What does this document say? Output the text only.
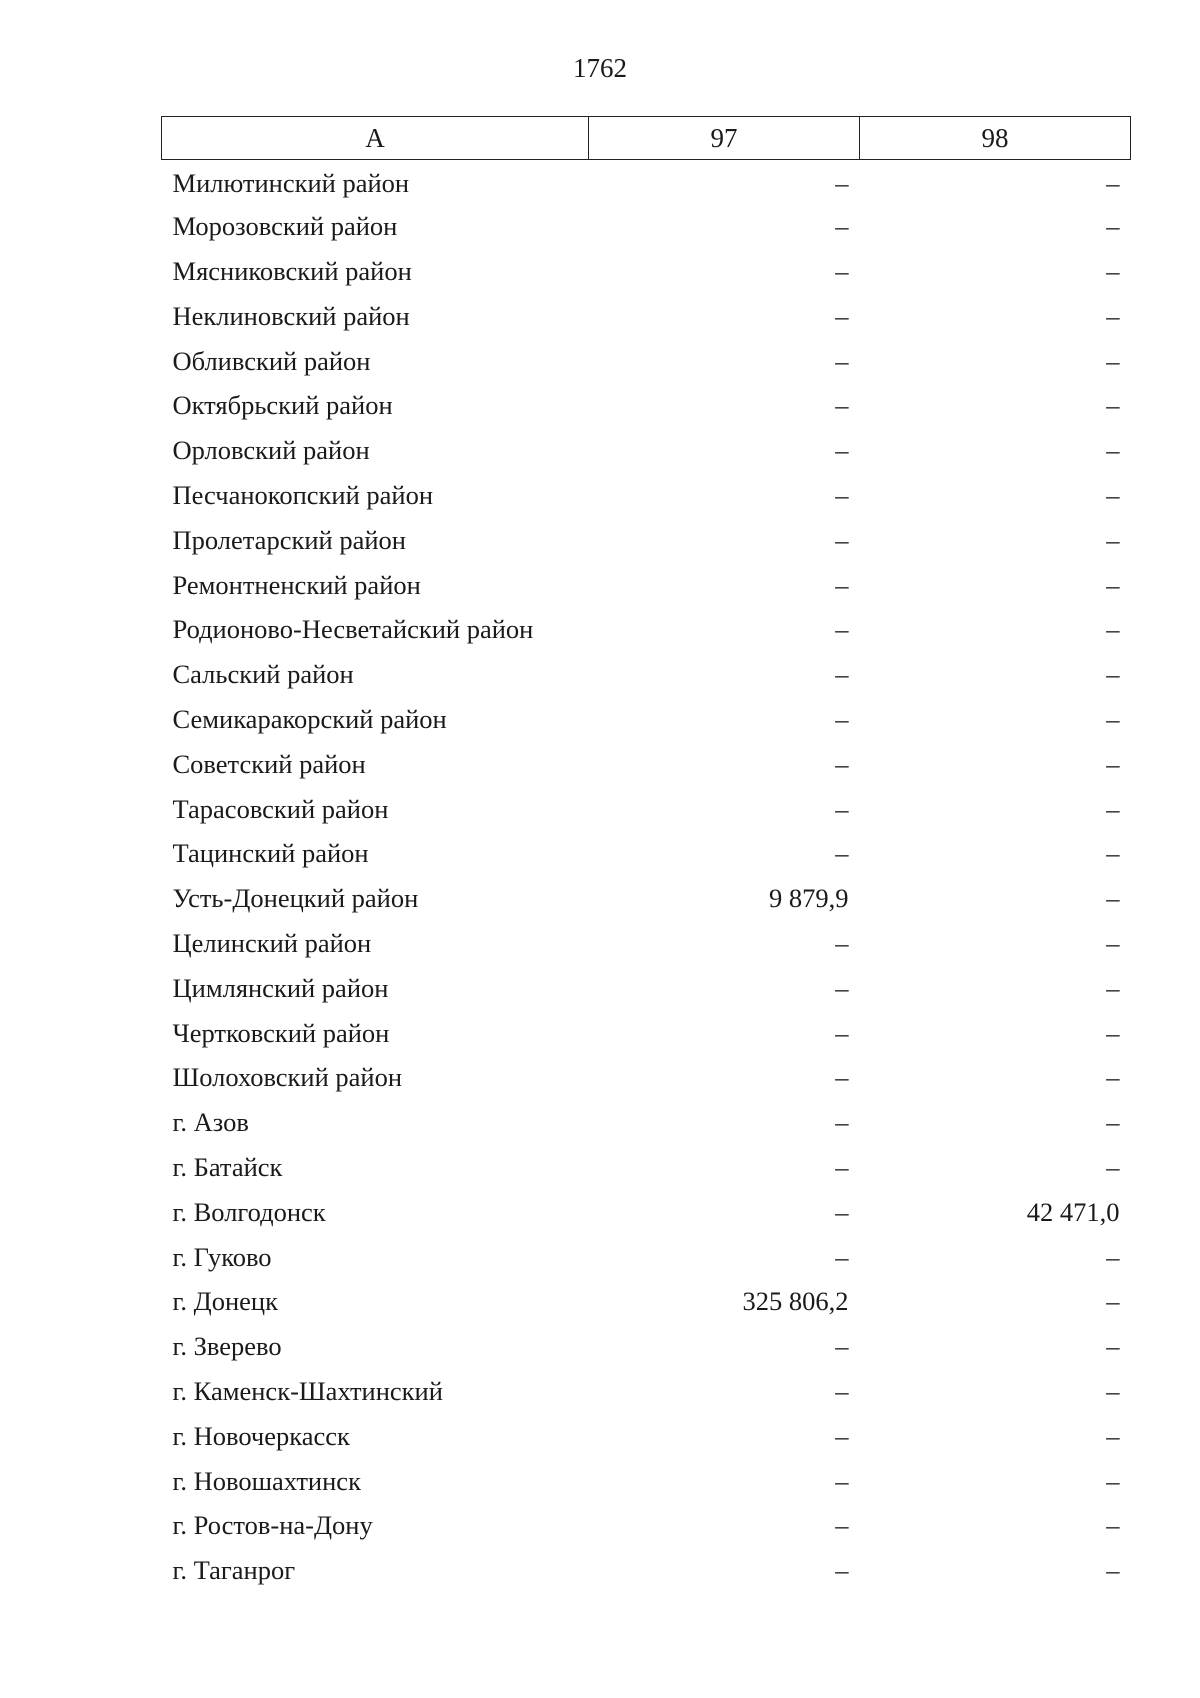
1762
А	97	98
Милютинский район	–	–
Морозовский район	–	–
Мясниковский район	–	–
Неклиновский район	–	–
Обливский район	–	–
Октябрьский район	–	–
Орловский район	–	–
Песчанокопский район	–	–
Пролетарский район	–	–
Ремонтненский район	–	–
Родионово-Несветайский район	–	–
Сальский район	–	–
Семикаракорский район	–	–
Советский район	–	–
Тарасовский район	–	–
Тацинский район	–	–
Усть-Донецкий район	9 879,9	–
Целинский район	–	–
Цимлянский район	–	–
Чертковский район	–	–
Шолоховский район	–	–
г. Азов	–	–
г. Батайск	–	–
г. Волгодонск	–	42 471,0
г. Гуково	–	–
г. Донецк	325 806,2	–
г. Зверево	–	–
г. Каменск-Шахтинский	–	–
г. Новочеркасск	–	–
г. Новошахтинск	–	–
г. Ростов-на-Дону	–	–
г. Таганрог	–	–
